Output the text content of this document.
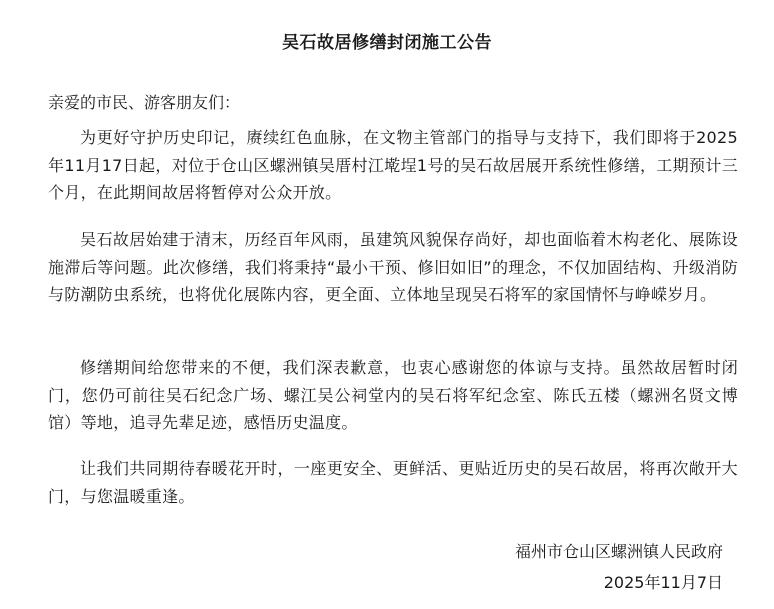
吴石故居修缮封闭施工公告
亲爱的市民、游客朋友们：

为更好守护历史印记，赓续红色血脉，在文物主管部门的指导与支持下，我们即将于2025年11月17日起，对位于仓山区螺洲镇吴厝村江墘埕1号的吴石故居展开系统性修缮，工期预计三个月，在此期间故居将暂停对公众开放。

吴石故居始建于清末，历经百年风雨，虽建筑风貌保存尚好，却也面临着木构老化、展陈设施滞后等问题。此次修缮，我们将秉持“最小干预、修旧如旧”的理念，不仅加固结构、升级消防与防潮防虫系统，也将优化展陈内容，更全面、立体地呈现吴石将军的家国情怀与峥嵘岁月。

修缮期间给您带来的不便，我们深表歉意，也衷心感谢您的体谅与支持。虽然故居暂时闭门，您仍可前往吴石纪念广场、螺江吴公祠堂内的吴石将军纪念室、陈氏五楼（螺洲名贤文博馆）等地，追寻先辈足迹，感悟历史温度。

让我们共同期待春暖花开时，一座更安全、更鲜活、更贴近历史的吴石故居，将再次敞开大门，与您温暖重逢。

福州市仓山区螺洲镇人民政府
2025年11月7日
